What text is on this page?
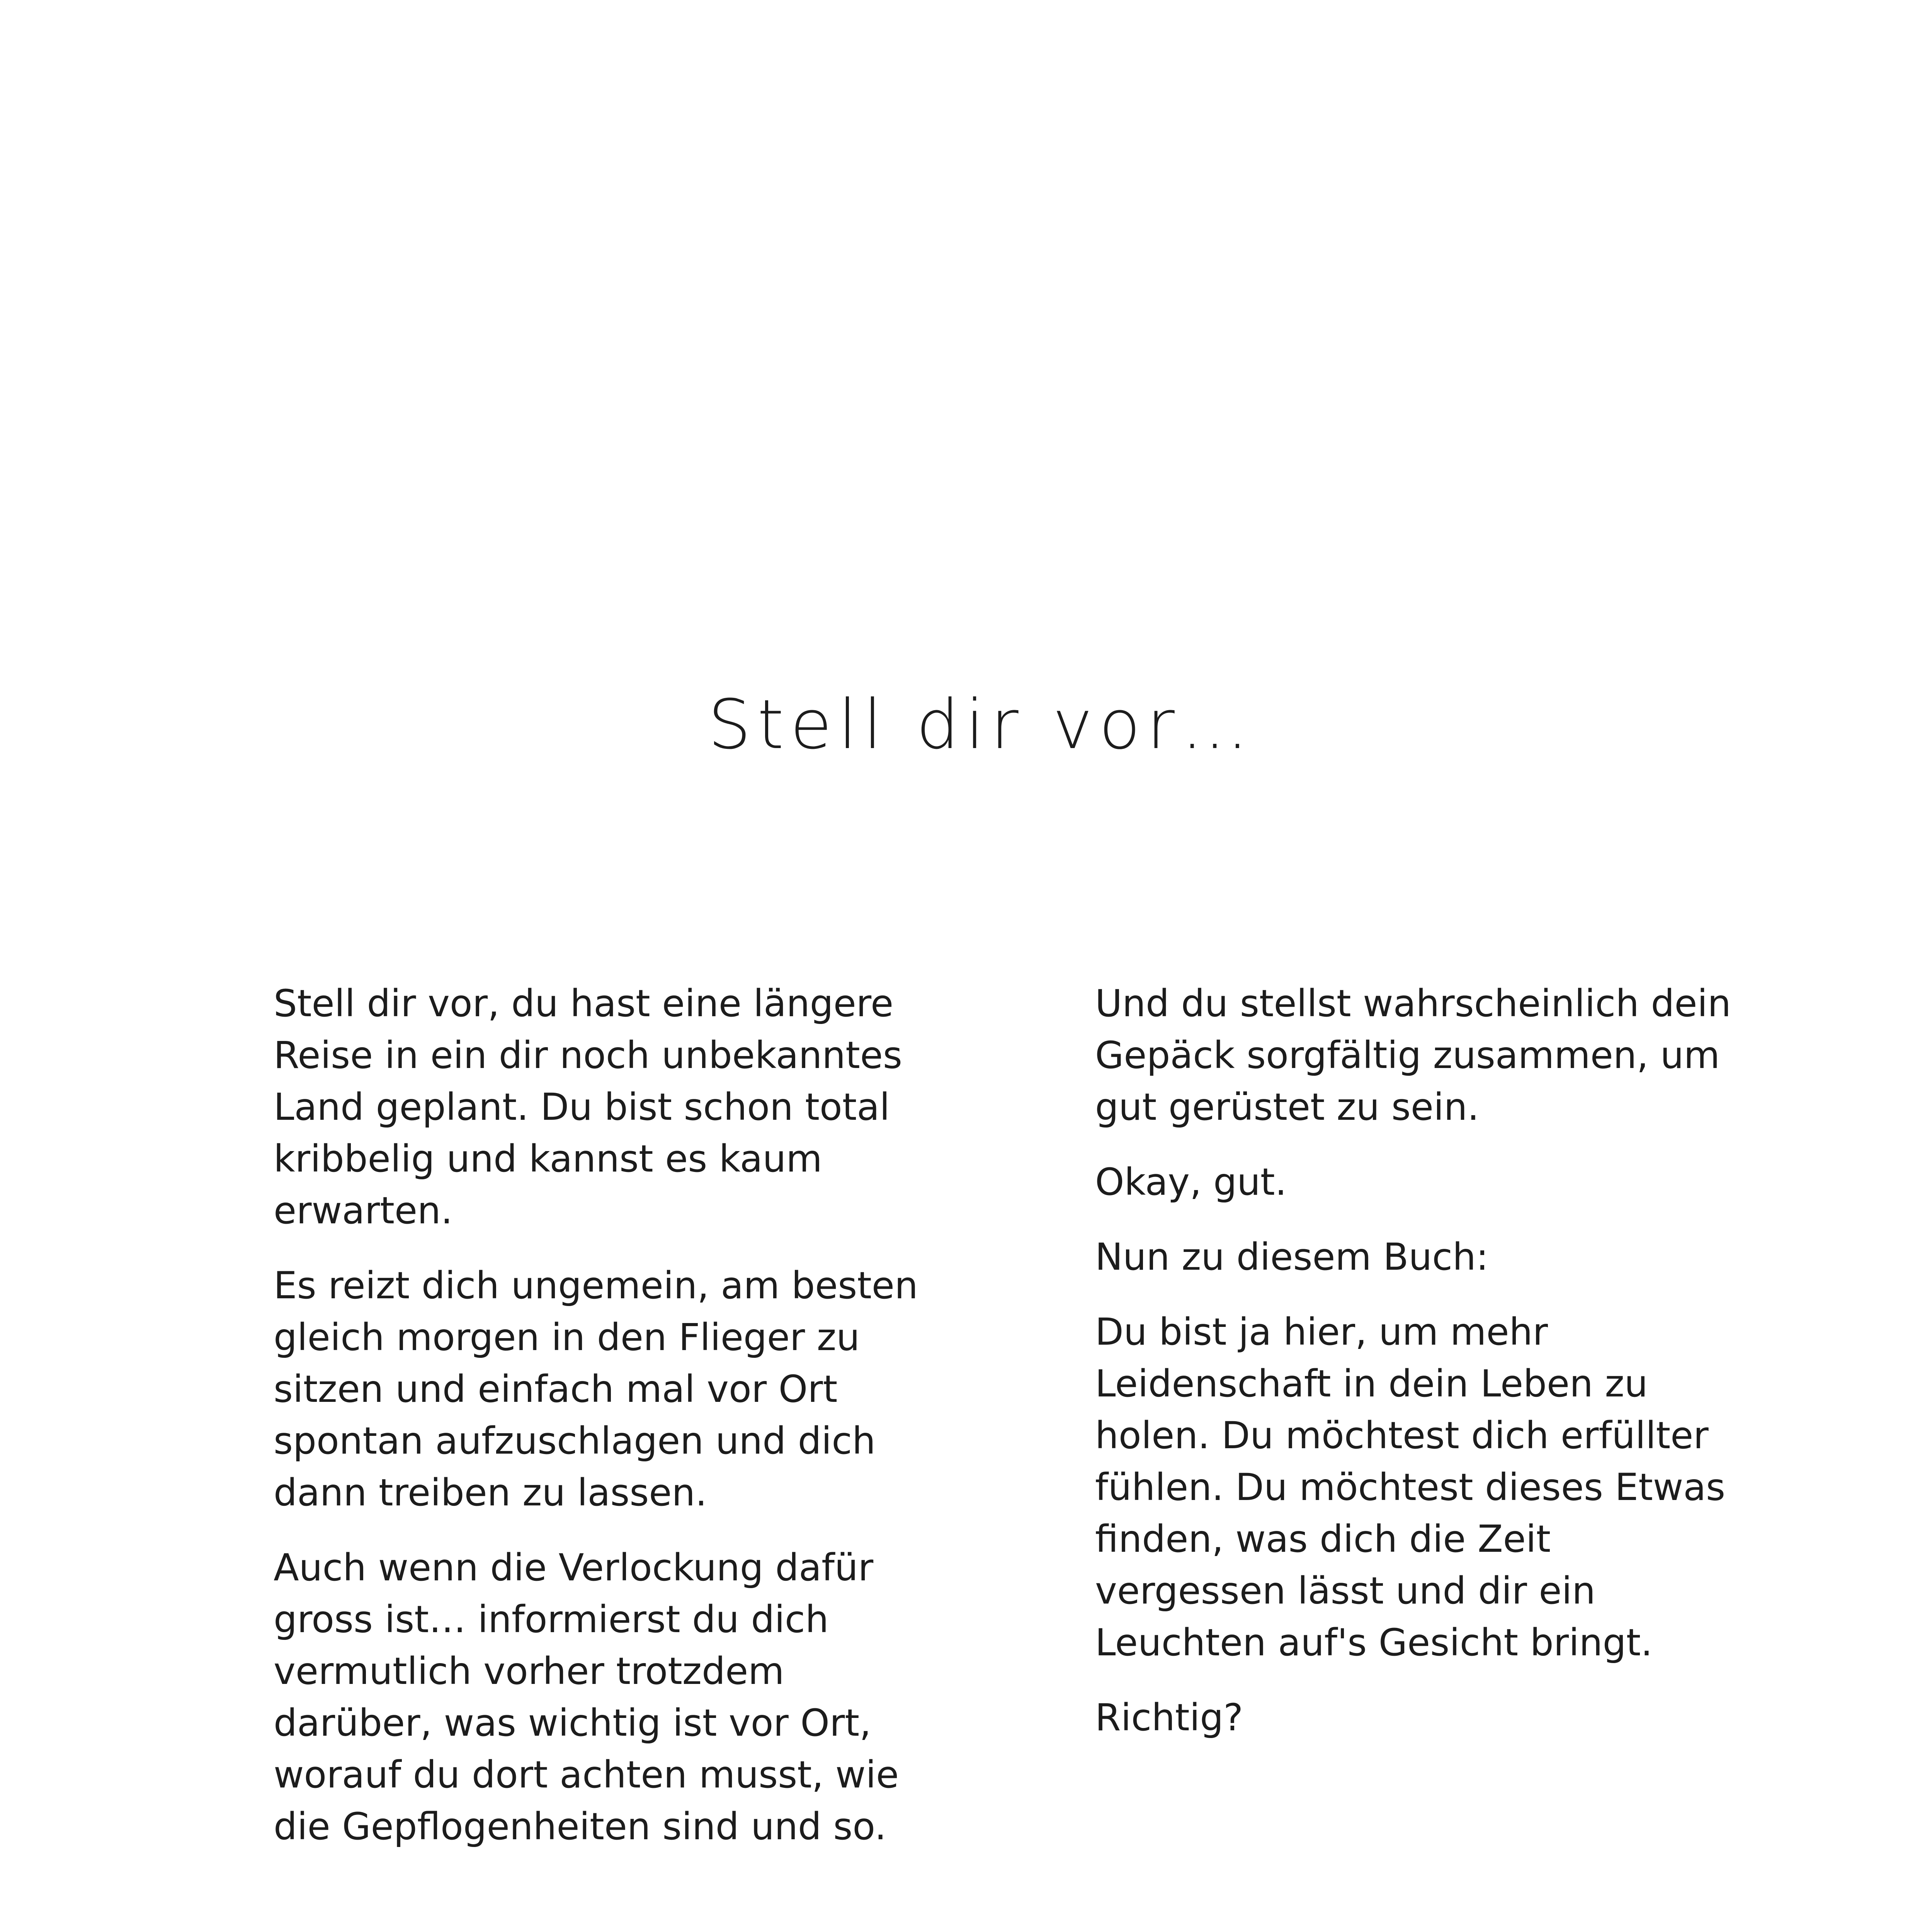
Stell dir vor…

Stell dir vor, du hast eine längere Reise in ein dir noch unbekanntes Land geplant. Du bist schon total kribbelig und kannst es kaum erwarten.

Es reizt dich ungemein, am besten gleich morgen in den Flieger zu sitzen und einfach mal vor Ort spontan aufzuschlagen und dich dann treiben zu lassen.

Auch wenn die Verlockung dafür gross ist… informierst du dich vermutlich vorher trotzdem darüber, was wichtig ist vor Ort, worauf du dort achten musst, wie die Gepflogenheiten sind und so.

Und du stellst wahrscheinlich dein Gepäck sorgfältig zusammen, um gut gerüstet zu sein.

Okay, gut.

Nun zu diesem Buch:

Du bist ja hier, um mehr Leidenschaft in dein Leben zu holen. Du möchtest dich erfüllter fühlen. Du möchtest dieses Etwas finden, was dich die Zeit vergessen lässt und dir ein Leuchten auf's Gesicht bringt.

Richtig?
